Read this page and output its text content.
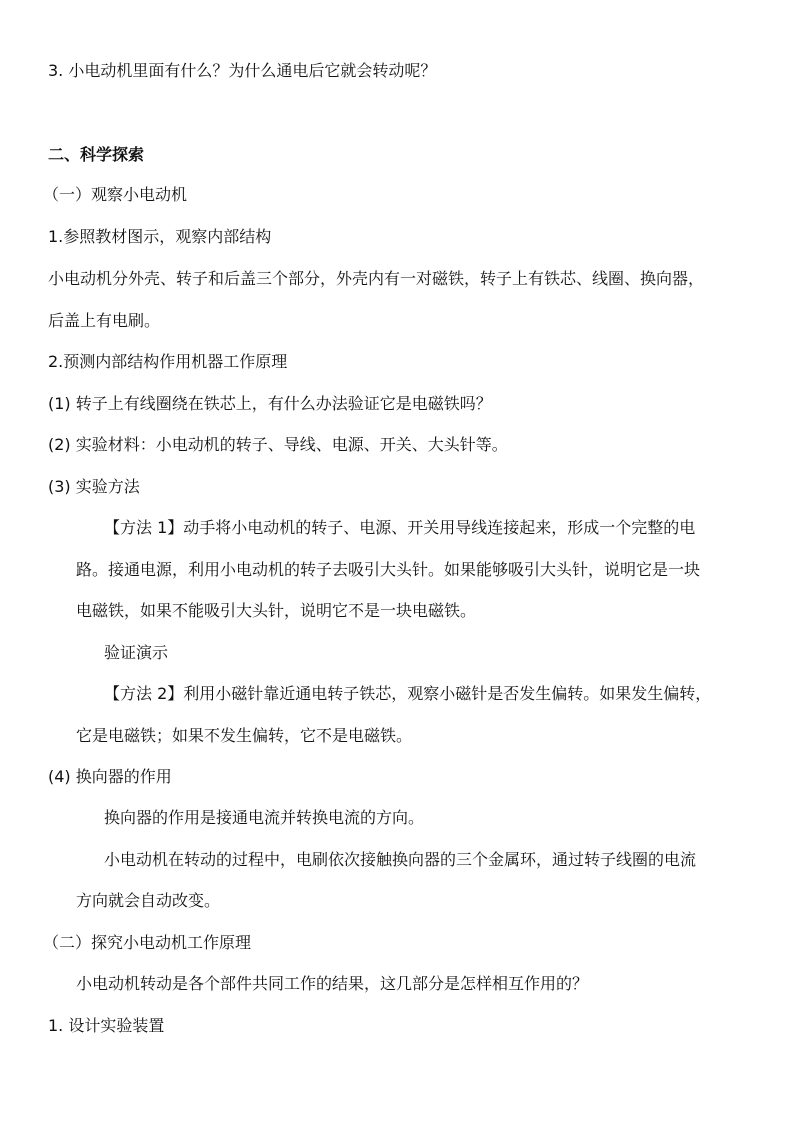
3. 小电动机里面有什么？为什么通电后它就会转动呢？
二、科学探索
（一）观察小电动机
1.参照教材图示，观察内部结构
小电动机分外壳、转子和后盖三个部分，外壳内有一对磁铁，转子上有铁芯、线圈、换向器，
后盖上有电刷。
2.预测内部结构作用机器工作原理
(1) 转子上有线圈绕在铁芯上，有什么办法验证它是电磁铁吗？
(2) 实验材料：小电动机的转子、导线、电源、开关、大头针等。
(3) 实验方法
【方法 1】动手将小电动机的转子、电源、开关用导线连接起来，形成一个完整的电
路。接通电源，利用小电动机的转子去吸引大头针。如果能够吸引大头针，说明它是一块
电磁铁，如果不能吸引大头针，说明它不是一块电磁铁。
验证演示
【方法 2】利用小磁针靠近通电转子铁芯，观察小磁针是否发生偏转。如果发生偏转，
它是电磁铁；如果不发生偏转，它不是电磁铁。
(4) 换向器的作用
换向器的作用是接通电流并转换电流的方向。
小电动机在转动的过程中，电刷依次接触换向器的三个金属环，通过转子线圈的电流
方向就会自动改变。
（二）探究小电动机工作原理
小电动机转动是各个部件共同工作的结果，这几部分是怎样相互作用的？
1. 设计实验装置
